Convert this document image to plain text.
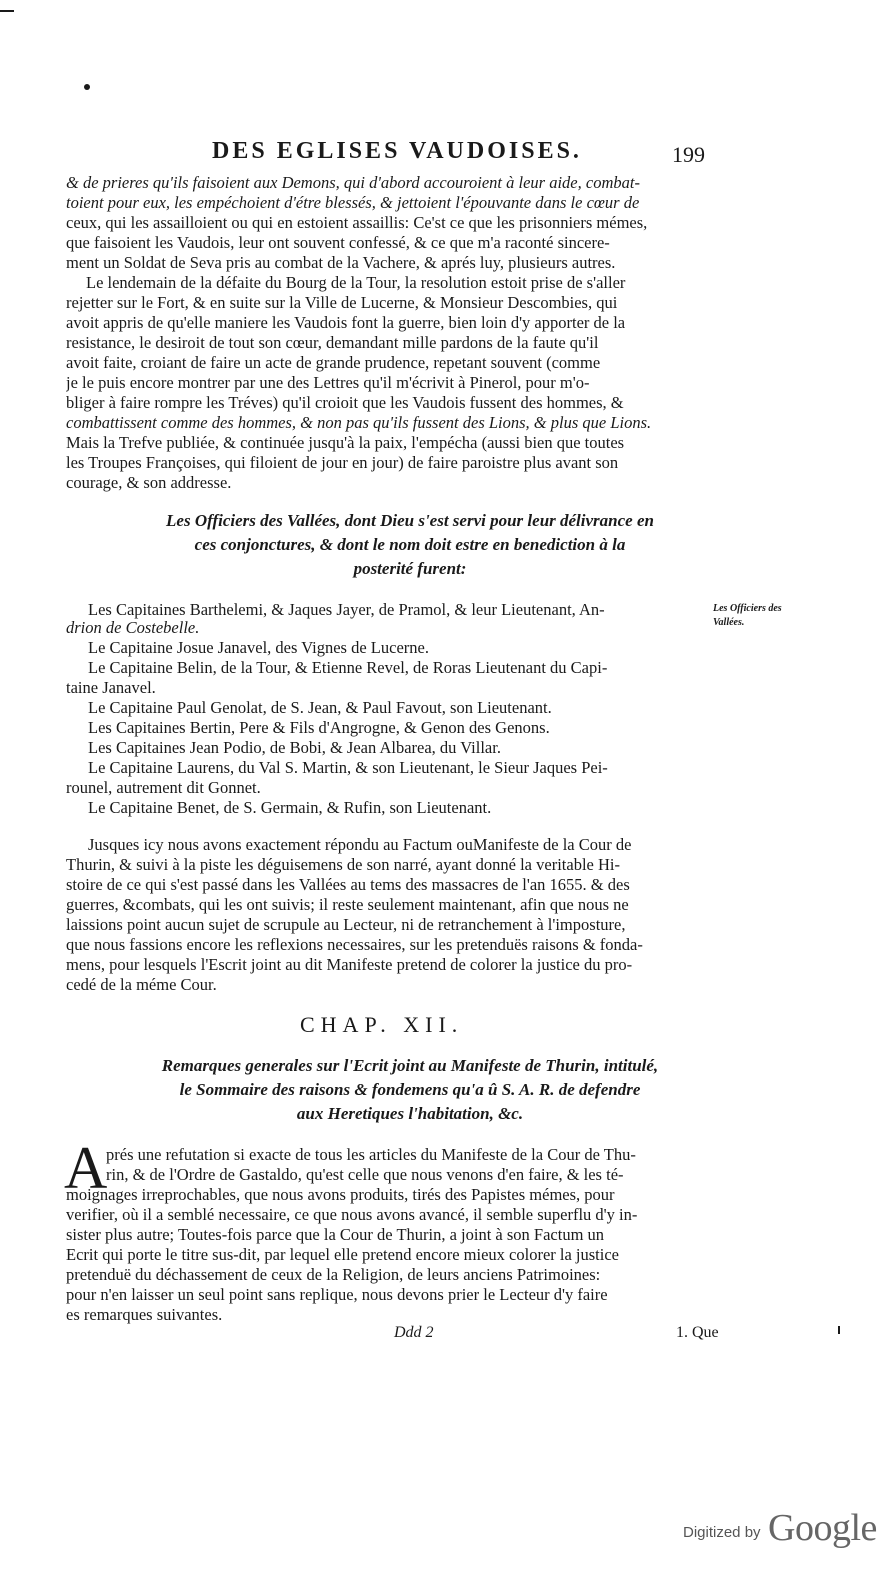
DES EGLISES VAUDOISES.	199
& de prieres qu'ils faisoient aux Demons, qui d'abord accouroient à leur aide, combat-
toient pour eux, les empéchoient d'étre blessés, & jettoient l'épouvante dans le cœur de
ceux, qui les assailloient ou qui en estoient assaillis: Ce'st ce que les prisonniers mémes,
que faisoient les Vaudois, leur ont souvent confessé, & ce que m'a raconté sincere-
ment un Soldat de Seva pris au combat de la Vachere, & aprés luy, plusieurs autres.
Le lendemain de la défaite du Bourg de la Tour, la resolution estoit prise de s'aller
rejetter sur le Fort, & en suite sur la Ville de Lucerne, & Monsieur Descombies, qui
avoit appris de qu'elle maniere les Vaudois font la guerre, bien loin d'y apporter de la
resistance, le desiroit de tout son cœur, demandant mille pardons de la faute qu'il
avoit faite, croiant de faire un acte de grande prudence, repetant souvent (comme
je le puis encore montrer par une des Lettres qu'il m'écrivit à Pinerol, pour m'o-
bliger à faire rompre les Tréves) qu'il croioit que les Vaudois fussent des hommes, &
combattissent comme des hommes, & non pas qu'ils fussent des Lions, & plus que Lions.
Mais la Trefve publiée, & continuée jusqu'à la paix, l'empécha (aussi bien que toutes
les Troupes Françoises, qui filoient de jour en jour) de faire paroistre plus avant son
courage, & son addresse.
Les Officiers des Vallées, dont Dieu s'est servi pour leur délivrance en
ces conjonctures, & dont le nom doit estre en benediction à la
posterité furent:
Les Capitaines Barthelemi, & Jaques Jayer, de Pramol, & leur Lieutenant, An-
drion de Costebelle.
Le Capitaine Josue Janavel, des Vignes de Lucerne.
Le Capitaine Belin, de la Tour, & Etienne Revel, de Roras Lieutenant du Capi-
taine Janavel.
Le Capitaine Paul Genolat, de S. Jean, & Paul Favout, son Lieutenant.
Les Capitaines Bertin, Pere & Fils d'Angrogne, & Genon des Genons.
Les Capitaines Jean Podio, de Bobi, & Jean Albarea, du Villar.
Le Capitaine Laurens, du Val S. Martin, & son Lieutenant, le Sieur Jaques Pei-
rounel, autrement dit Gonnet.
Le Capitaine Benet, de S. Germain, & Rufin, son Lieutenant.
Les Officiers des Vallées.
Jusques icy nous avons exactement répondu au Factum ouManifeste de la Cour de
Thurin, & suivi à la piste les déguisemens de son narré, ayant donné la veritable Hi-
stoire de ce qui s'est passé dans les Vallées au tems des massacres de l'an 1655. & des
guerres, &combats, qui les ont suivis; il reste seulement maintenant, afin que nous ne
laissions point aucun sujet de scrupule au Lecteur, ni de retranchement à l'imposture,
que nous fassions encore les reflexions necessaires, sur les pretenduës raisons & fonda-
mens, pour lesquels l'Escrit joint au dit Manifeste pretend de colorer la justice du pro-
cedé de la méme Cour.
CHAP. XII.
Remarques generales sur l'Ecrit joint au Manifeste de Thurin, intitulé,
le Sommaire des raisons & fondemens qu'a û S. A. R. de defendre
aux Heretiques l'habitation, &c.
A
prés une refutation si exacte de tous les articles du Manifeste de la Cour de Thu-
rin, & de l'Ordre de Gastaldo, qu'est celle que nous venons d'en faire, & les té-
moignages irreprochables, que nous avons produits, tirés des Papistes mémes, pour
verifier, où il a semblé necessaire, ce que nous avons avancé, il semble superflu d'y in-
sister plus autre; Toutes-fois parce que la Cour de Thurin, a joint à son Factum un
Ecrit qui porte le titre sus-dit, par lequel elle pretend encore mieux colorer la justice
pretenduë du déchassement de ceux de la Religion, de leurs anciens Patrimoines:
pour n'en laisser un seul point sans replique, nous devons prier le Lecteur d'y faire
es remarques suivantes.
Ddd 2	1. Que
Digitized by Google
